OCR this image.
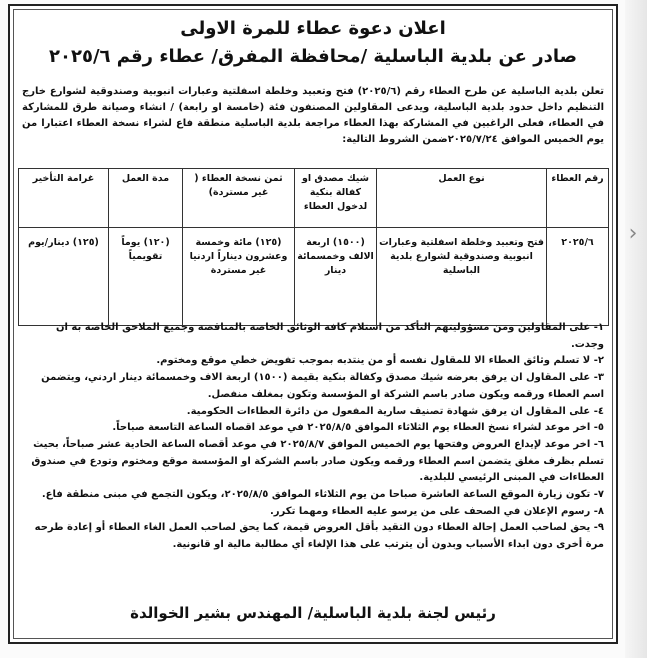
اعلان دعوة عطاء للمرة الاولى
صادر عن بلدية الباسلية /محافظة المفرق/ عطاء رقم ٢٠٢٥/٦
تعلن بلدية الباسلية عن طرح العطاء رقم (٢٠٢٥/٦) فتح وتعبيد وخلطة اسفلتية وعبارات انبوبية وصندوقية لشوارع خارج التنظيم داخل حدود بلدية الباسلية، ويدعى المقاولين المصنفون فئة (خامسة او رابعة) / انشاء وصيانة طرق للمشاركة في العطاء، فعلى الراغبين في المشاركة بهذا العطاء مراجعة بلدية الباسلية منطقة فاع لشراء نسخة العطاء اعتبارا من يوم الخميس الموافق ٢٠٢٥/٧/٢٤ضمن الشروط التالية:
رقم العطاء	نوع العمل	شيك مصدق او كفالة بنكية لدخول العطاء	ثمن نسخة العطاء ( غير مستردة)	مدة العمل	غرامة التأخير
٢٠٢٥/٦	فتح وتعبيد وخلطة اسفلتية وعبارات انبوبية وصندوقية لشوارع بلدية الباسلية	(١٥٠٠) اربعة الالف وخمسمائة دينار	(١٢٥) مائة وخمسة وعشرون ديناراً اردنيا غير مستردة	(١٢٠) يوماً تقويمياً	(١٢٥) دينار/يوم

١- على المقاولين ومن مسؤوليتهم التأكد من استلام كافة الوثائق الخاصة بالمناقصة وجميع الملاحق الخاصة به ان وجدت.

٢- لا تسلم وثائق العطاء الا للمقاول نفسه أو من ينتدبه بموجب تفويض خطي موقع ومختوم.

٣- على المقاول ان يرفق بعرضه شيك مصدق وكفالة بنكية بقيمة (١٥٠٠) اربعة الاف وخمسمائة دينار اردني، ويتضمن اسم العطاء ورقمه ويكون صادر باسم الشركة او المؤسسة وتكون بمغلف منفصل.

٤- على المقاول ان يرفق شهادة تصنيف سارية المفعول من دائرة العطاءات الحكومية.

٥- اخر موعد لشراء نسخ العطاء يوم الثلاثاء الموافق ٢٠٢٥/٨/٥ في موعد اقصاه الساعة التاسعة صباحاً.

٦- اخر موعد لإيداع العروض وفتحها يوم الخميس الموافق ٢٠٢٥/٨/٧ في موعد أقصاه الساعة الحادية عشر صباحاً، بحيث تسلم بظرف مغلق يتضمن اسم العطاء ورقمه ويكون صادر باسم الشركة او المؤسسة موقع ومختوم وتودع في صندوق العطاءات في المبنى الرئيسي للبلدية.

٧- تكون زيارة الموقع الساعة العاشرة صباحا من يوم الثلاثاء الموافق ٢٠٢٥/٨/٥، ويكون التجمع في مبنى منطقة فاع.

٨- رسوم الإعلان في الصحف على من يرسو عليه العطاء ومهما تكرر.

٩- يحق لصاحب العمل إحالة العطاء دون التقيد بأقل العروض قيمة، كما يحق لصاحب العمل الغاء العطاء أو إعادة طرحه مرة أخرى دون ابداء الأسباب وبدون أن يترتب على هذا الإلغاء أي مطالبة مالية او قانونية.

رئيس لجنة بلدية الباسلية/ المهندس بشير الخوالدة
›
